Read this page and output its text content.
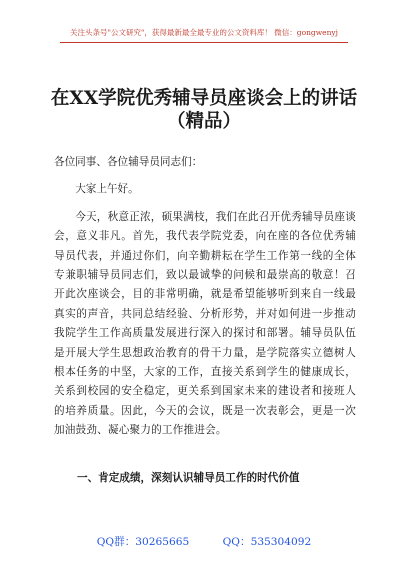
关注头条号"公文研究"，获得最新最全最专业的公文资料库！ 微信：gongwenyj
在XX学院优秀辅导员座谈会上的讲话
（精品）

各位同事、各位辅导员同志们：

大家上午好。

今天，秋意正浓，硕果满枝，我们在此召开优秀辅导员座谈会，意义非凡。首先，我代表学院党委，向在座的各位优秀辅导员代表，并通过你们，向辛勤耕耘在学生工作第一线的全体专兼职辅导员同志们，致以最诚挚的问候和最崇高的敬意！召开此次座谈会，目的非常明确，就是希望能够听到来自一线最真实的声音，共同总结经验、分析形势，并对如何进一步推动我院学生工作高质量发展进行深入的探讨和部署。辅导员队伍是开展大学生思想政治教育的骨干力量，是学院落实立德树人根本任务的中坚，大家的工作，直接关系到学生的健康成长，关系到校园的安全稳定，更关系到国家未来的建设者和接班人的培养质量。因此，今天的会议，既是一次表彰会，更是一次加油鼓劲、凝心聚力的工作推进会。

一、肯定成绩，深刻认识辅导员工作的时代价值
QQ群：30265665	QQ：535304092
